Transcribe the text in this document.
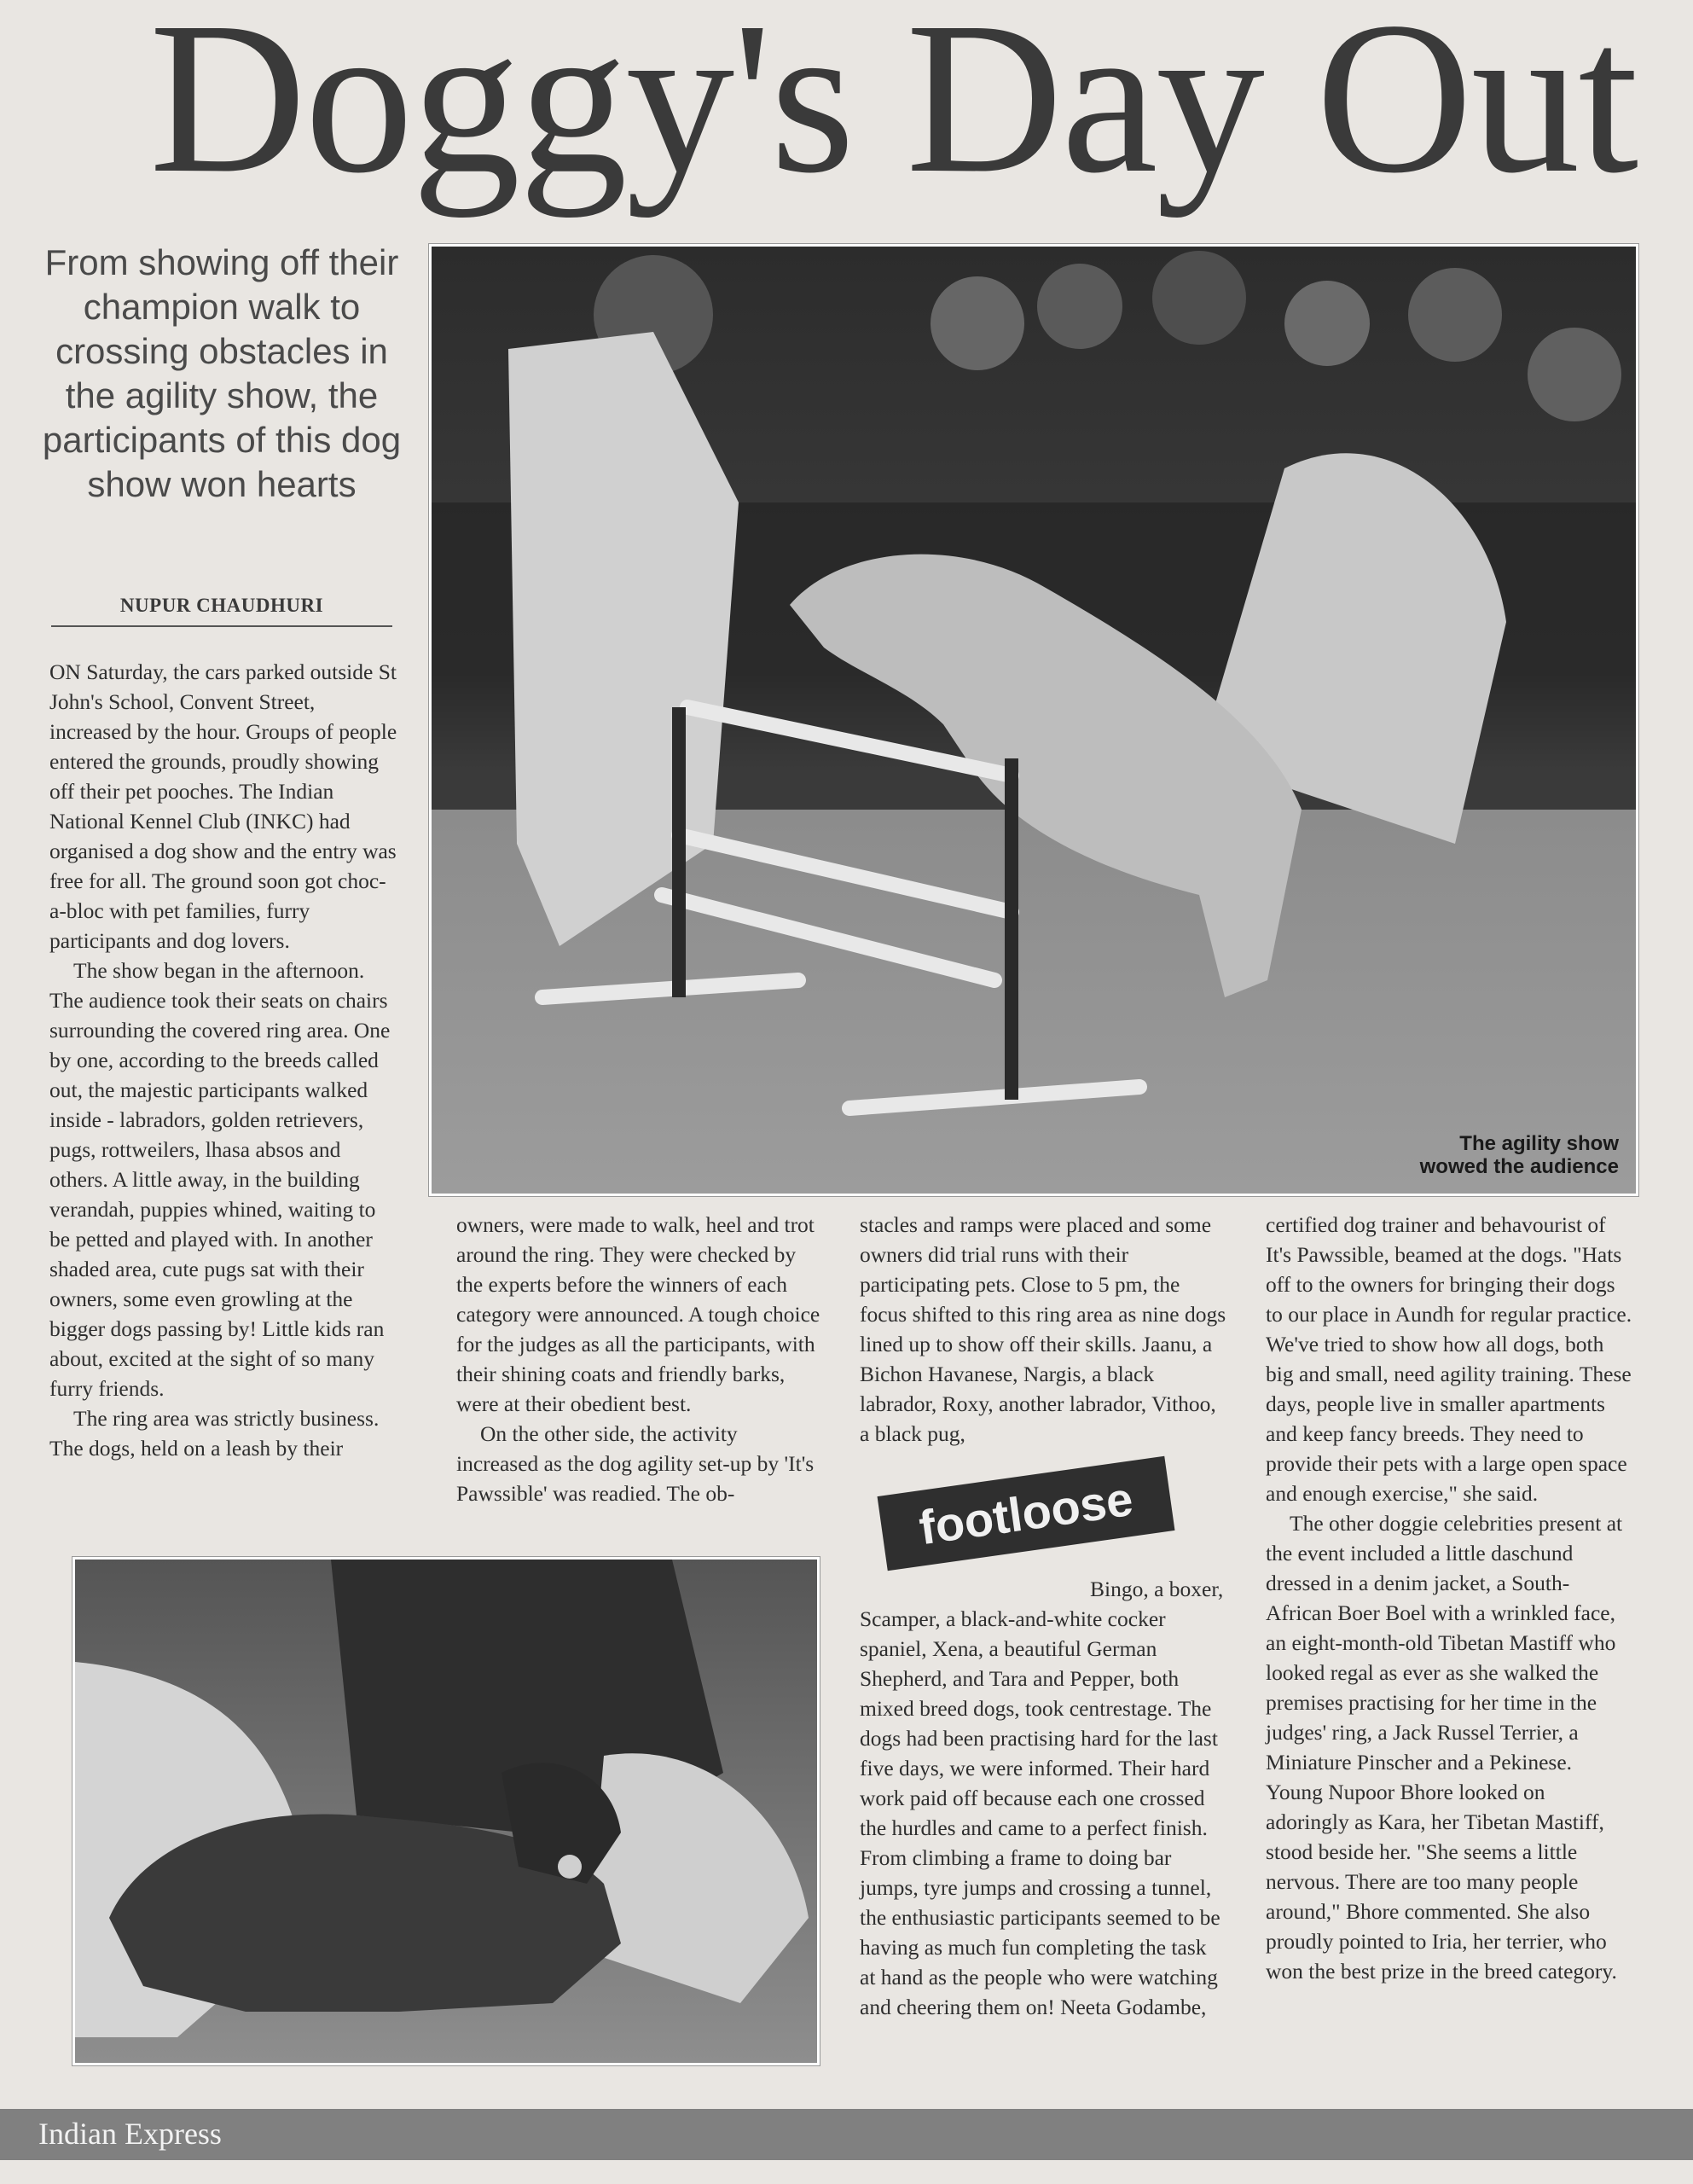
Doggy's Day Out
From showing off their champion walk to crossing obstacles in the agility show, the participants of this dog show won hearts
NUPUR CHAUDHURI
The agility show
wowed the audience

ON Saturday, the cars parked outside St John's School, Convent Street, increased by the hour. Groups of people entered the grounds, proudly showing off their pet pooches. The Indian National Kennel Club (INKC) had organised a dog show and the entry was free for all. The ground soon got choc-a-bloc with pet families, furry participants and dog lovers.

The show began in the afternoon. The audience took their seats on chairs surrounding the covered ring area. One by one, according to the breeds called out, the majestic participants walked inside - labradors, golden retrievers, pugs, rottweilers, lhasa absos and others. A little away, in the building verandah, puppies whined, waiting to be petted and played with. In another shaded area, cute pugs sat with their owners, some even growling at the bigger dogs passing by! Little kids ran about, excited at the sight of so many furry friends.

The ring area was strictly business. The dogs, held on a leash by their

owners, were made to walk, heel and trot around the ring. They were checked by the experts before the winners of each category were announced. A tough choice for the judges as all the participants, with their shining coats and friendly barks, were at their obedient best.

On the other side, the activity increased as the dog agility set-up by 'It's Pawssible' was readied. The ob-

stacles and ramps were placed and some owners did trial runs with their participating pets. Close to 5 pm, the focus shifted to this ring area as nine dogs lined up to show off their skills. Jaanu, a Bichon Havanese, Nargis, a black labrador, Roxy, another labrador, Vithoo, a black pug,

footloose

Bingo, a boxer, Scamper, a black-and-white cocker spaniel, Xena, a beautiful German Shepherd, and Tara and Pepper, both mixed breed dogs, took centrestage. The dogs had been practising hard for the last five days, we were informed. Their hard work paid off because each one crossed the hurdles and came to a perfect finish. From climbing a frame to doing bar jumps, tyre jumps and crossing a tunnel, the enthusiastic participants seemed to be having as much fun completing the task at hand as the people who were watching and cheering them on! Neeta Godambe,

certified dog trainer and behavourist of It's Pawssible, beamed at the dogs. "Hats off to the owners for bringing their dogs to our place in Aundh for regular practice. We've tried to show how all dogs, both big and small, need agility training. These days, people live in smaller apartments and keep fancy breeds. They need to provide their pets with a large open space and enough exercise," she said.

The other doggie celebrities present at the event included a little daschund dressed in a denim jacket, a South-African Boer Boel with a wrinkled face, an eight-month-old Tibetan Mastiff who looked regal as ever as she walked the premises practising for her time in the judges' ring, a Jack Russel Terrier, a Miniature Pinscher and a Pekinese. Young Nupoor Bhore looked on adoringly as Kara, her Tibetan Mastiff, stood beside her. "She seems a little nervous. There are too many people around," Bhore commented. She also proudly pointed to Iria, her terrier, who won the best prize in the breed category.

Indian Express
